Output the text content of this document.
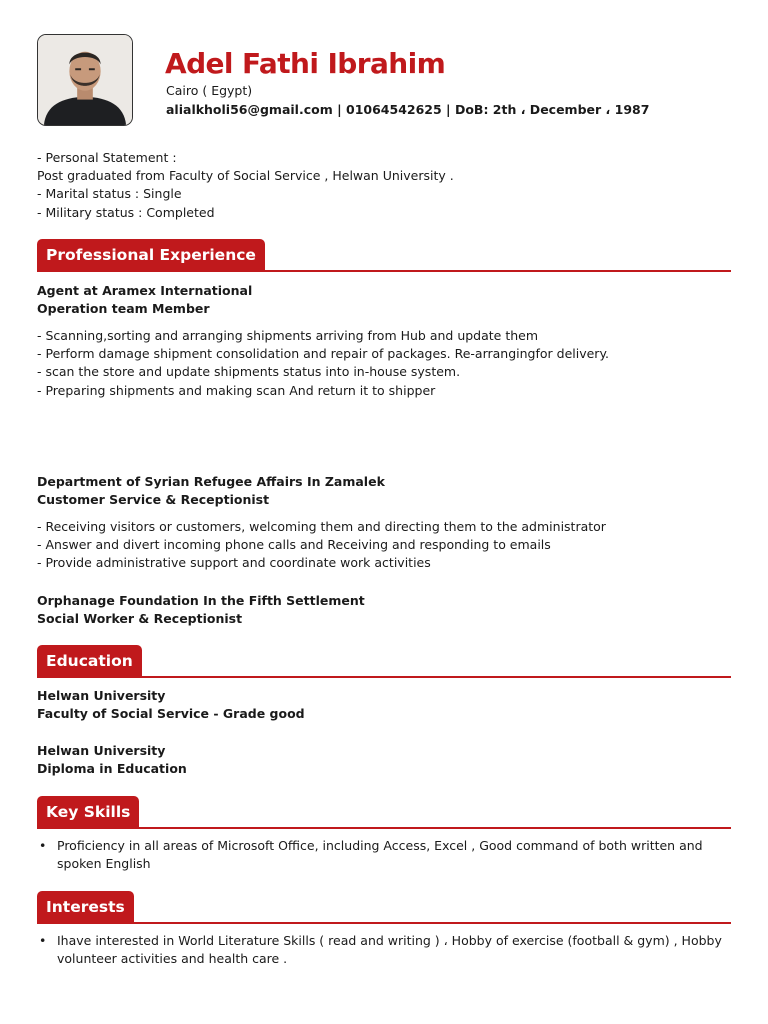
Adel Fathi Ibrahim
Cairo ( Egypt)
alialkholi56@gmail.com | 01064542625 | DoB: 2th ، December ، 1987
- Personal Statement :
Post graduated from Faculty of Social Service , Helwan University .
- Marital status : Single
- Military status : Completed
Professional Experience
Agent at Aramex International
Operation team Member
- Scanning,sorting and arranging shipments arriving from Hub and update them
- Perform damage shipment consolidation and repair of packages. Re-arrangingfor delivery.
- scan the store and update shipments status into in-house system.
- Preparing shipments and making scan And return it to shipper
Department of Syrian Refugee Affairs In Zamalek
Customer Service & Receptionist
- Receiving visitors or customers, welcoming them and directing them to the administrator
- Answer and divert incoming phone calls and Receiving and responding to emails
- Provide administrative support and coordinate work activities
Orphanage Foundation In the Fifth Settlement
Social Worker & Receptionist
Education
Helwan University
Faculty of Social Service - Grade good
Helwan University
Diploma in Education
Key Skills
• Proficiency in all areas of Microsoft Office, including Access, Excel , Good command of both written and spoken English
Interests
• Ihave interested in World Literature Skills ( read and writing ) ، Hobby of exercise (football & gym) , Hobby volunteer activities and health care .
